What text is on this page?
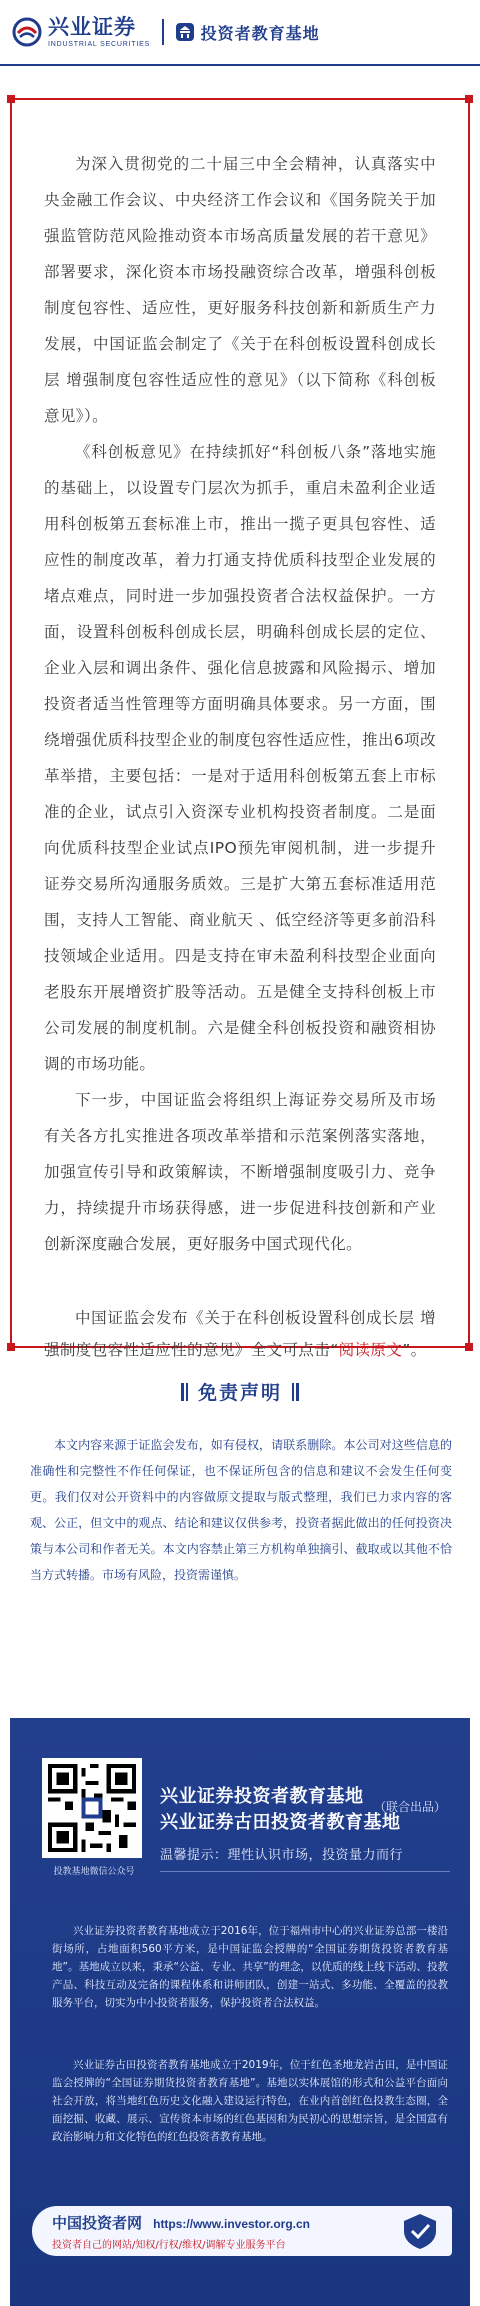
兴业证券
INDUSTRIAL SECURITIES
投资者教育基地

为深入贯彻党的二十届三中全会精神，认真落实中央金融工作会议、中央经济工作会议和《国务院关于加强监管防范风险推动资本市场高质量发展的若干意见》部署要求，深化资本市场投融资综合改革，增强科创板制度包容性、适应性，更好服务科技创新和新质生产力发展，中国证监会制定了《关于在科创板设置科创成长层 增强制度包容性适应性的意见》（以下简称《科创板意见》）。

《科创板意见》在持续抓好“科创板八条”落地实施的基础上，以设置专门层次为抓手，重启未盈利企业适用科创板第五套标准上市，推出一揽子更具包容性、适应性的制度改革，着力打通支持优质科技型企业发展的堵点难点，同时进一步加强投资者合法权益保护。一方面，设置科创板科创成长层，明确科创成长层的定位、企业入层和调出条件、强化信息披露和风险揭示、增加投资者适当性管理等方面明确具体要求。另一方面，围绕增强优质科技型企业的制度包容性适应性，推出6项改革举措，主要包括：一是对于适用科创板第五套上市标准的企业，试点引入资深专业机构投资者制度。二是面向优质科技型企业试点IPO预先审阅机制，进一步提升证券交易所沟通服务质效。三是扩大第五套标准适用范围，支持人工智能、商业航天 、低空经济等更多前沿科技领域企业适用。四是支持在审未盈利科技型企业面向老股东开展增资扩股等活动。五是健全支持科创板上市公司发展的制度机制。六是健全科创板投资和融资相协调的市场功能。

下一步，中国证监会将组织上海证券交易所及市场有关各方扎实推进各项改革举措和示范案例落实落地，加强宣传引导和政策解读，不断增强制度吸引力、竞争力，持续提升市场获得感，进一步促进科技创新和产业创新深度融合发展，更好服务中国式现代化。

中国证监会发布《关于在科创板设置科创成长层 增强制度包容性适应性的意见》全文可点击“阅读原文”。

免责声明

本文内容来源于证监会发布，如有侵权，请联系删除。本公司对这些信息的准确性和完整性不作任何保证，也不保证所包含的信息和建议不会发生任何变更。我们仅对公开资料中的内容做原文提取与版式整理，我们已力求内容的客观、公正，但文中的观点、结论和建议仅供参考，投资者据此做出的任何投资决策与本公司和作者无关。本文内容禁止第三方机构单独摘引、截取或以其他不恰当方式转播。市场有风险，投资需谨慎。

投教基地微信公众号
兴业证券投资者教育基地
兴业证券古田投资者教育基地
（联合出品）
温馨提示：理性认识市场，投资量力而行

兴业证券投资者教育基地成立于2016年，位于福州市中心的兴业证券总部一楼沿街场所，占地面积560平方米，是中国证监会授牌的“全国证券期货投资者教育基地”。基地成立以来，秉承“公益、专业、共享”的理念，以优质的线上线下活动、投教产品、科技互动及完备的课程体系和讲师团队，创建一站式、多功能、全覆盖的投教服务平台，切实为中小投资者服务，保护投资者合法权益。

兴业证券古田投资者教育基地成立于2019年，位于红色圣地龙岩古田，是中国证监会授牌的“全国证券期货投资者教育基地”。基地以实体展馆的形式和公益平台面向社会开放，将当地红色历史文化融入建设运行特色，在业内首创红色投教生态圈，全面挖掘、收藏、展示、宣传资本市场的红色基因和为民初心的思想宗旨，是全国富有政治影响力和文化特色的红色投资者教育基地。

中国投资者网 https://www.investor.org.cn
投资者自己的网站/知权/行权/维权/调解专业服务平台
